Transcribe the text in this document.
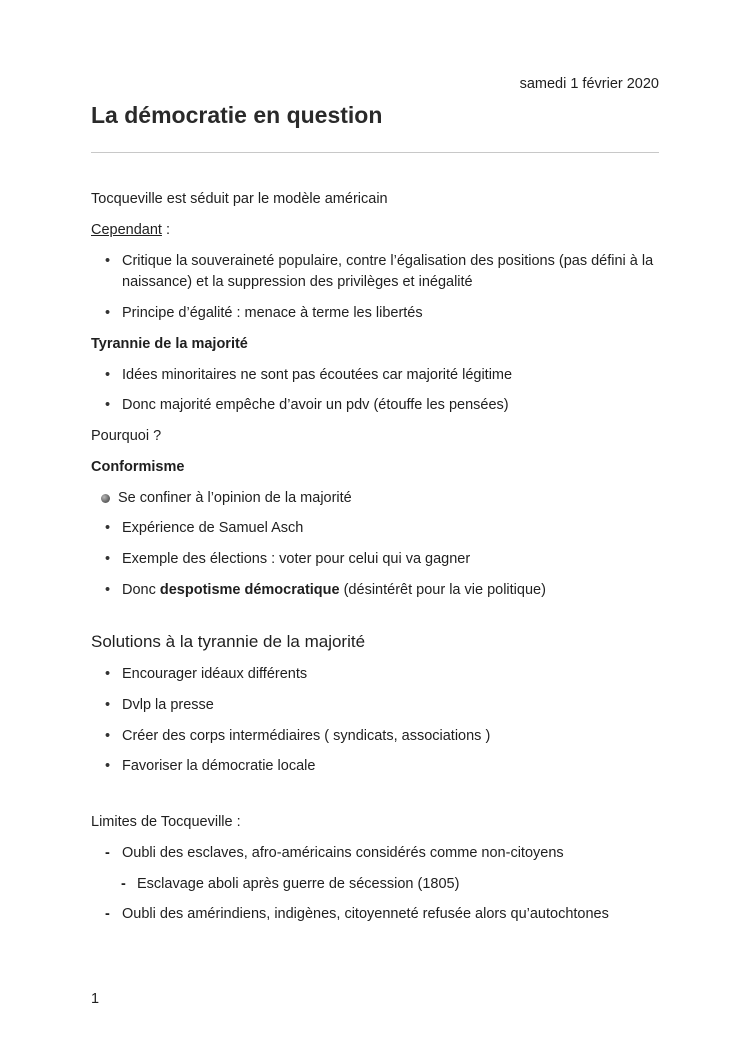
samedi 1 février 2020
La démocratie en question

Tocqueville est séduit par le modèle américain

Cependant :

• Critique la souveraineté populaire, contre l’égalisation des positions (pas défini à la naissance) et la suppression des privilèges et inégalité
• Principe d’égalité : menace à terme les libertés

Tyrannie de la majorité

• Idées minoritaires ne sont pas écoutées car majorité légitime
• Donc majorité empêche d’avoir un pdv (étouffe les pensées)

Pourquoi ?

Conformisme

Se confiner à l’opinion de la majorité
• Expérience de Samuel Asch
• Exemple des élections : voter pour celui qui va gagner
• Donc despotisme démocratique (désintérêt pour la vie politique)
Solutions à la tyrannie de la majorité
• Encourager idéaux différents
• Dvlp la presse
• Créer des corps intermédiaires ( syndicats, associations )
• Favoriser la démocratie locale

Limites de Tocqueville :

- Oubli des esclaves, afro-américains considérés comme non-citoyens
- Esclavage aboli après guerre de sécession (1805)
- Oubli des amérindiens, indigènes, citoyenneté refusée alors qu’autochtones
1
